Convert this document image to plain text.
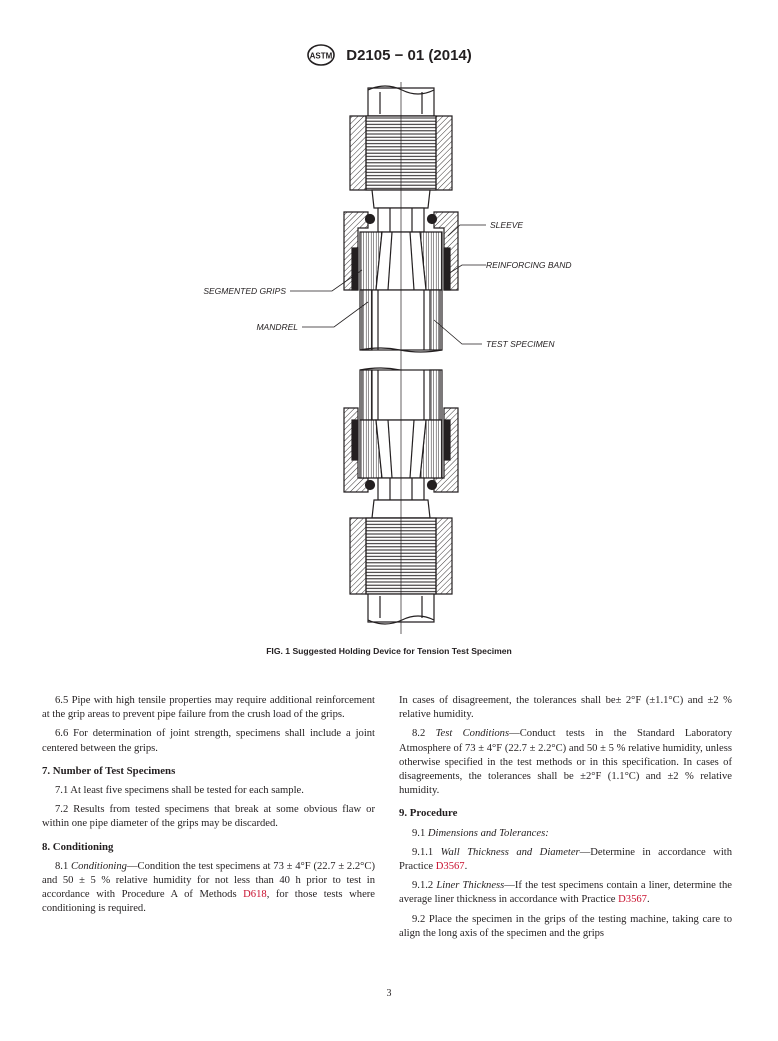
ASTM D2105 − 01 (2014)
SLEEVE
REINFORCING BAND
SEGMENTED GRIPS
MANDREL
TEST SPECIMEN
FIG. 1 Suggested Holding Device for Tension Test Specimen

6.5 Pipe with high tensile properties may require additional reinforcement at the grip areas to prevent pipe failure from the crush load of the grips.

6.6 For determination of joint strength, specimens shall include a joint centered between the grips.

7. Number of Test Specimens

7.1 At least five specimens shall be tested for each sample.

7.2 Results from tested specimens that break at some obvious flaw or within one pipe diameter of the grips may be discarded.

8. Conditioning

8.1 Conditioning—Condition the test specimens at 73 ± 4°F (22.7 ± 2.2°C) and 50 ± 5 % relative humidity for not less than 40 h prior to test in accordance with Procedure A of Methods D618, for those tests where conditioning is required.

In cases of disagreement, the tolerances shall be± 2°F (±1.1°C) and ±2 % relative humidity.

8.2 Test Conditions—Conduct tests in the Standard Laboratory Atmosphere of 73 ± 4°F (22.7 ± 2.2°C) and 50 ± 5 % relative humidity, unless otherwise specified in the test methods or in this specification. In cases of disagreements, the tolerances shall be ±2°F (1.1°C) and ±2 % relative humidity.

9. Procedure

9.1 Dimensions and Tolerances:

9.1.1 Wall Thickness and Diameter—Determine in accordance with Practice D3567.

9.1.2 Liner Thickness—If the test specimens contain a liner, determine the average liner thickness in accordance with Practice D3567.

9.2 Place the specimen in the grips of the testing machine, taking care to align the long axis of the specimen and the grips

3
